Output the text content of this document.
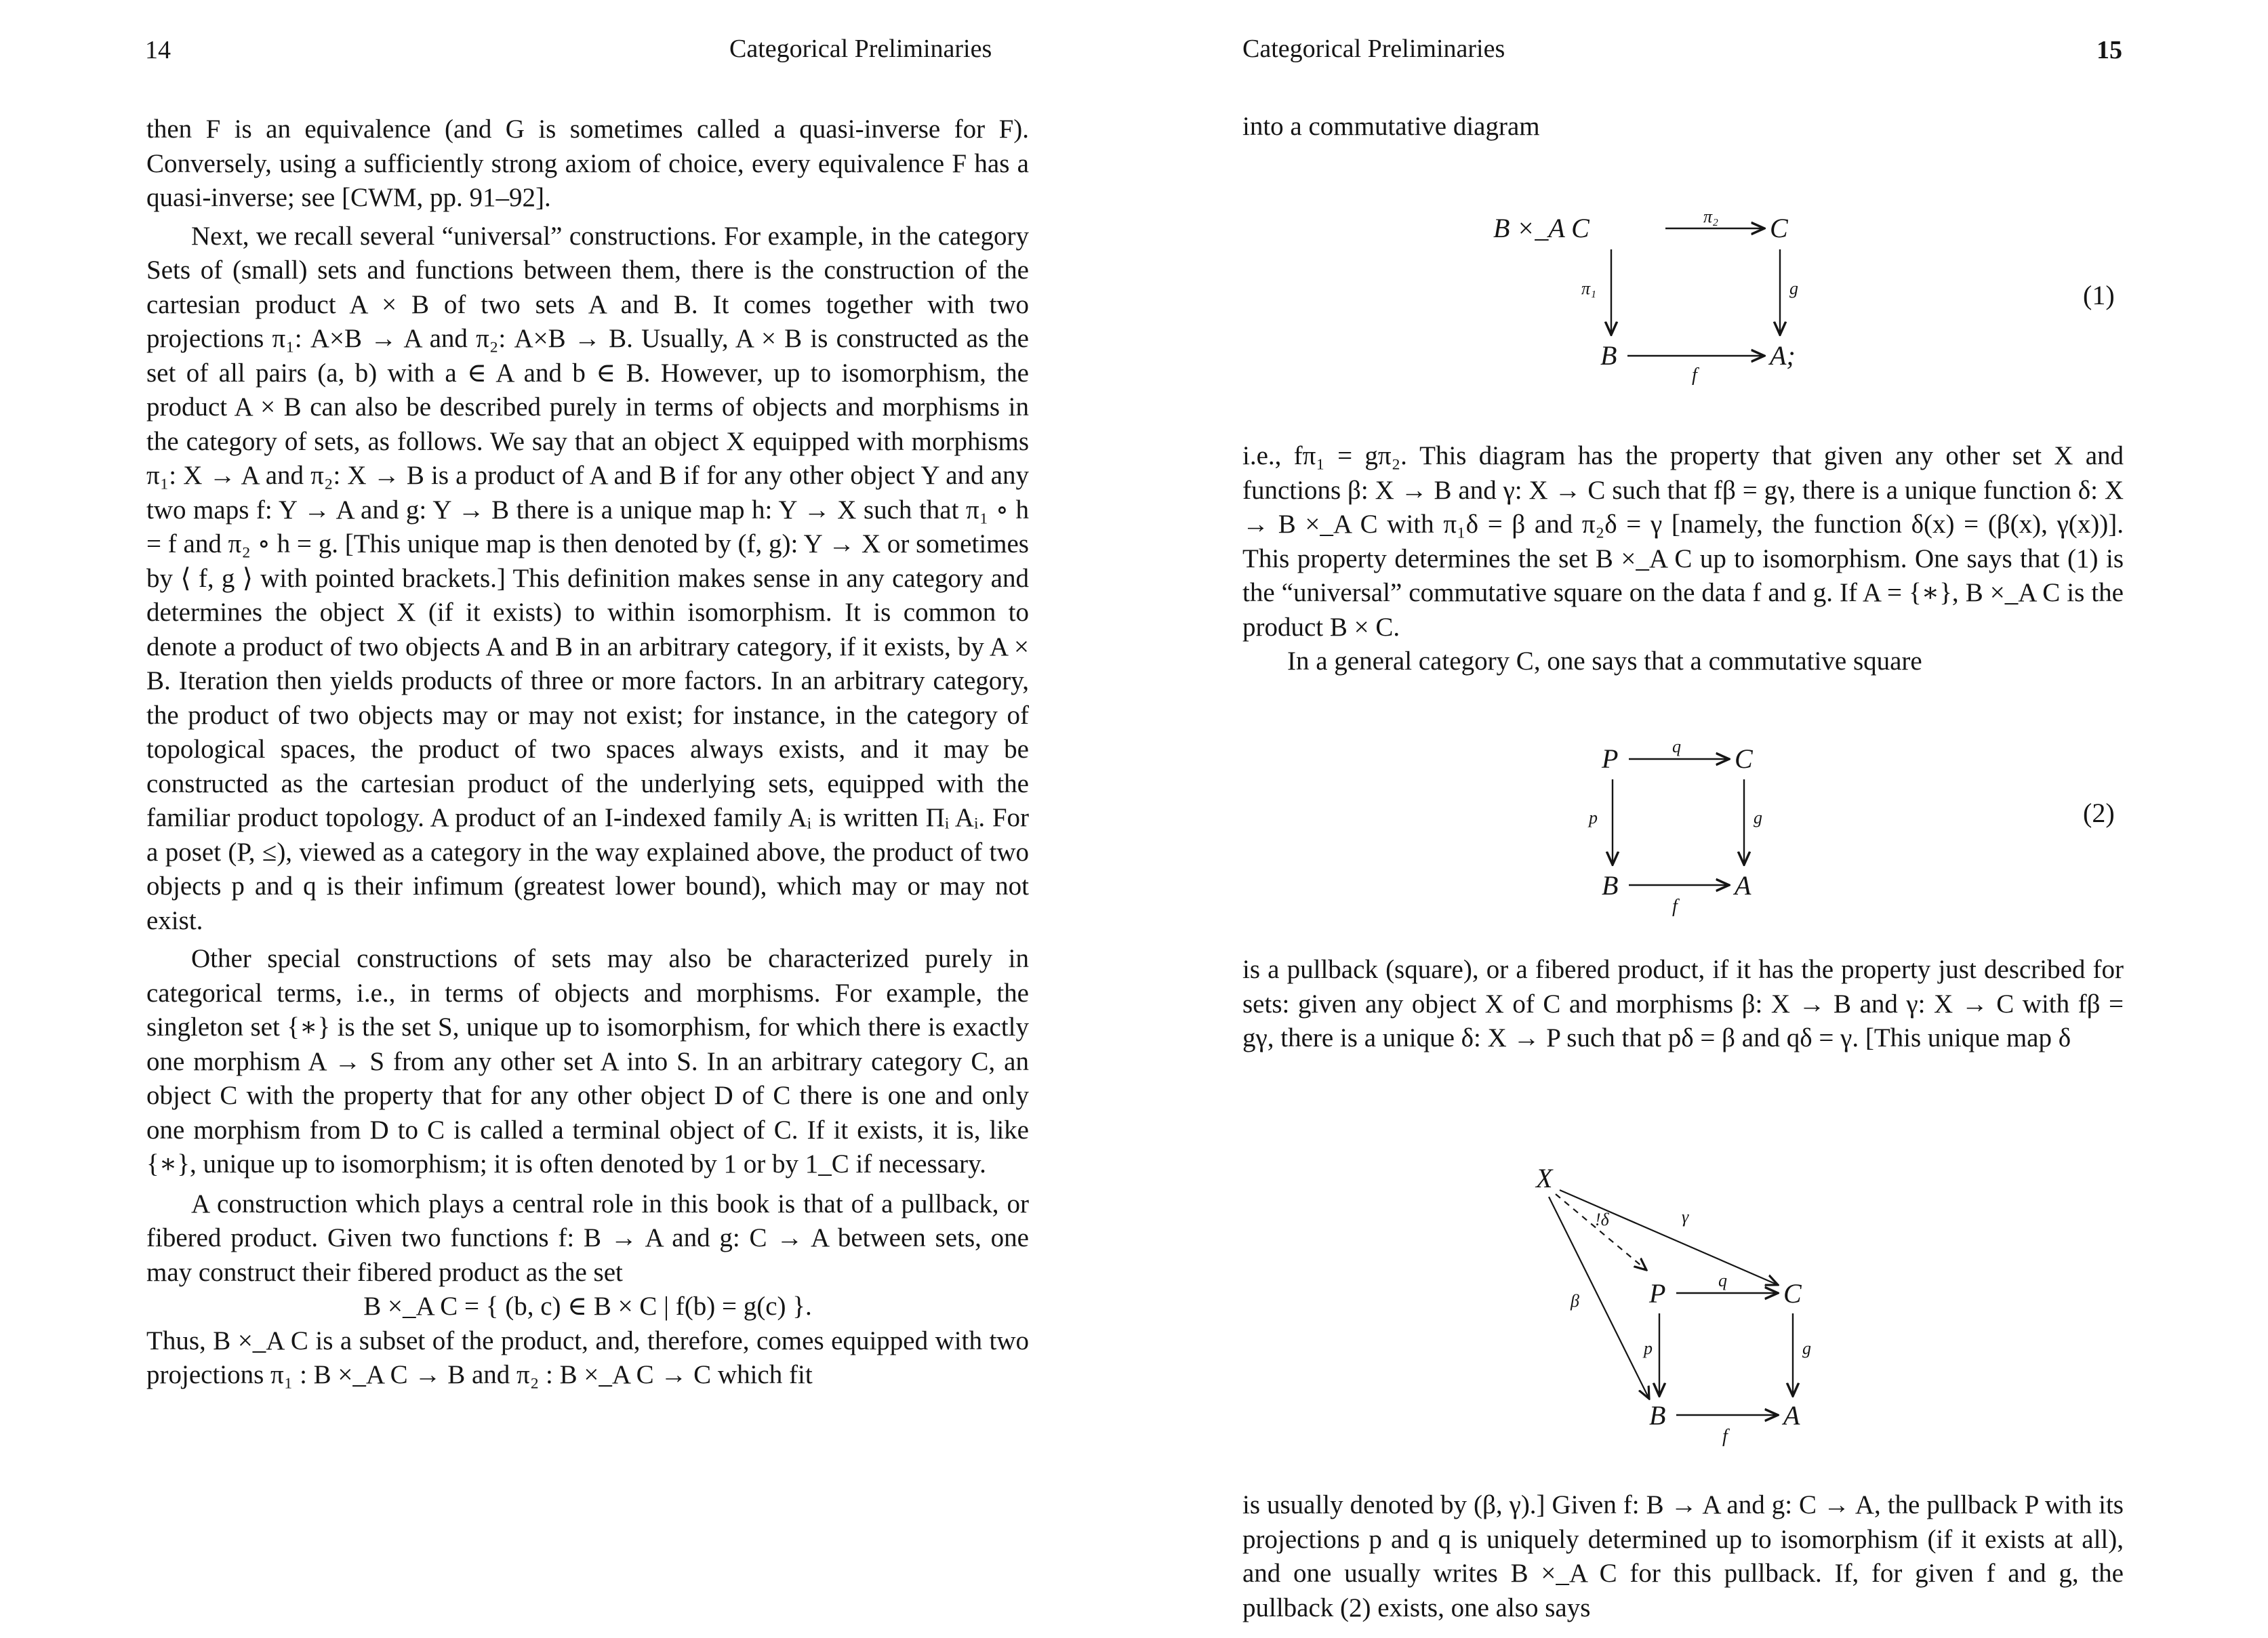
14	Categorical Preliminaries

then F is an equivalence (and G is sometimes called a quasi-inverse for F). Conversely, using a sufficiently strong axiom of choice, every equivalence F has a quasi-inverse; see [CWM, pp. 91–92].

Next, we recall several “universal” constructions. For example, in the category Sets of (small) sets and functions between them, there is the construction of the cartesian product A × B of two sets A and B. It comes together with two projections π₁: A×B → A and π₂: A×B → B. Usually, A × B is constructed as the set of all pairs (a, b) with a ∈ A and b ∈ B. However, up to isomorphism, the product A × B can also be described purely in terms of objects and morphisms in the category of sets, as follows. We say that an object X equipped with morphisms π₁: X → A and π₂: X → B is a product of A and B if for any other object Y and any two maps f: Y → A and g: Y → B there is a unique map h: Y → X such that π₁ ∘ h = f and π₂ ∘ h = g. [This unique map is then denoted by (f, g): Y → X or sometimes by ⟨ f, g ⟩ with pointed brackets.] This definition makes sense in any category and determines the object X (if it exists) to within isomorphism. It is common to denote a product of two objects A and B in an arbitrary category, if it exists, by A × B. Iteration then yields products of three or more factors. In an arbitrary category, the product of two objects may or may not exist; for instance, in the category of topological spaces, the product of two spaces always exists, and it may be constructed as the cartesian product of the underlying sets, equipped with the familiar product topology. A product of an I-indexed family Aᵢ is written Πᵢ Aᵢ. For a poset (P, ≤), viewed as a category in the way explained above, the product of two objects p and q is their infimum (greatest lower bound), which may or may not exist.

Other special constructions of sets may also be characterized purely in categorical terms, i.e., in terms of objects and morphisms. For example, the singleton set {∗} is the set S, unique up to isomorphism, for which there is exactly one morphism A → S from any other set A into S. In an arbitrary category C, an object C with the property that for any other object D of C there is one and only one morphism from D to C is called a terminal object of C. If it exists, it is, like {∗}, unique up to isomorphism; it is often denoted by 1 or by 1_C if necessary.

A construction which plays a central role in this book is that of a pullback, or fibered product. Given two functions f: B → A and g: C → A between sets, one may construct their fibered product as the set

B ×_A C = { (b, c) ∈ B × C | f(b) = g(c) }.

Thus, B ×_A C is a subset of the product, and, therefore, comes equipped with two projections π₁ : B ×_A C → B and π₂ : B ×_A C → C which fit

Categorical Preliminaries	15
into a commutative diagram
B ×_A C	C
B	A;
π₂
π₁	g
f
(1)

i.e., fπ₁ = gπ₂. This diagram has the property that given any other set X and functions β: X → B and γ: X → C such that fβ = gγ, there is a unique function δ: X → B ×_A C with π₁δ = β and π₂δ = γ [namely, the function δ(x) = (β(x), γ(x))]. This property determines the set B ×_A C up to isomorphism. One says that (1) is the “universal” commutative square on the data f and g. If A = {∗}, B ×_A C is the product B × C.

In a general category C, one says that a commutative square

P	C
B	A
q
p	g
f
(2)

is a pullback (square), or a fibered product, if it has the property just described for sets: given any object X of C and morphisms β: X → B and γ: X → C with fβ = gγ, there is a unique δ: X → P such that pδ = β and qδ = γ. [This unique map δ

X
P	C
B	A
!δ	γ
β
q
p	g
f

is usually denoted by (β, γ).] Given f: B → A and g: C → A, the pullback P with its projections p and q is uniquely determined up to isomorphism (if it exists at all), and one usually writes B ×_A C for this pullback. If, for given f and g, the pullback (2) exists, one also says
